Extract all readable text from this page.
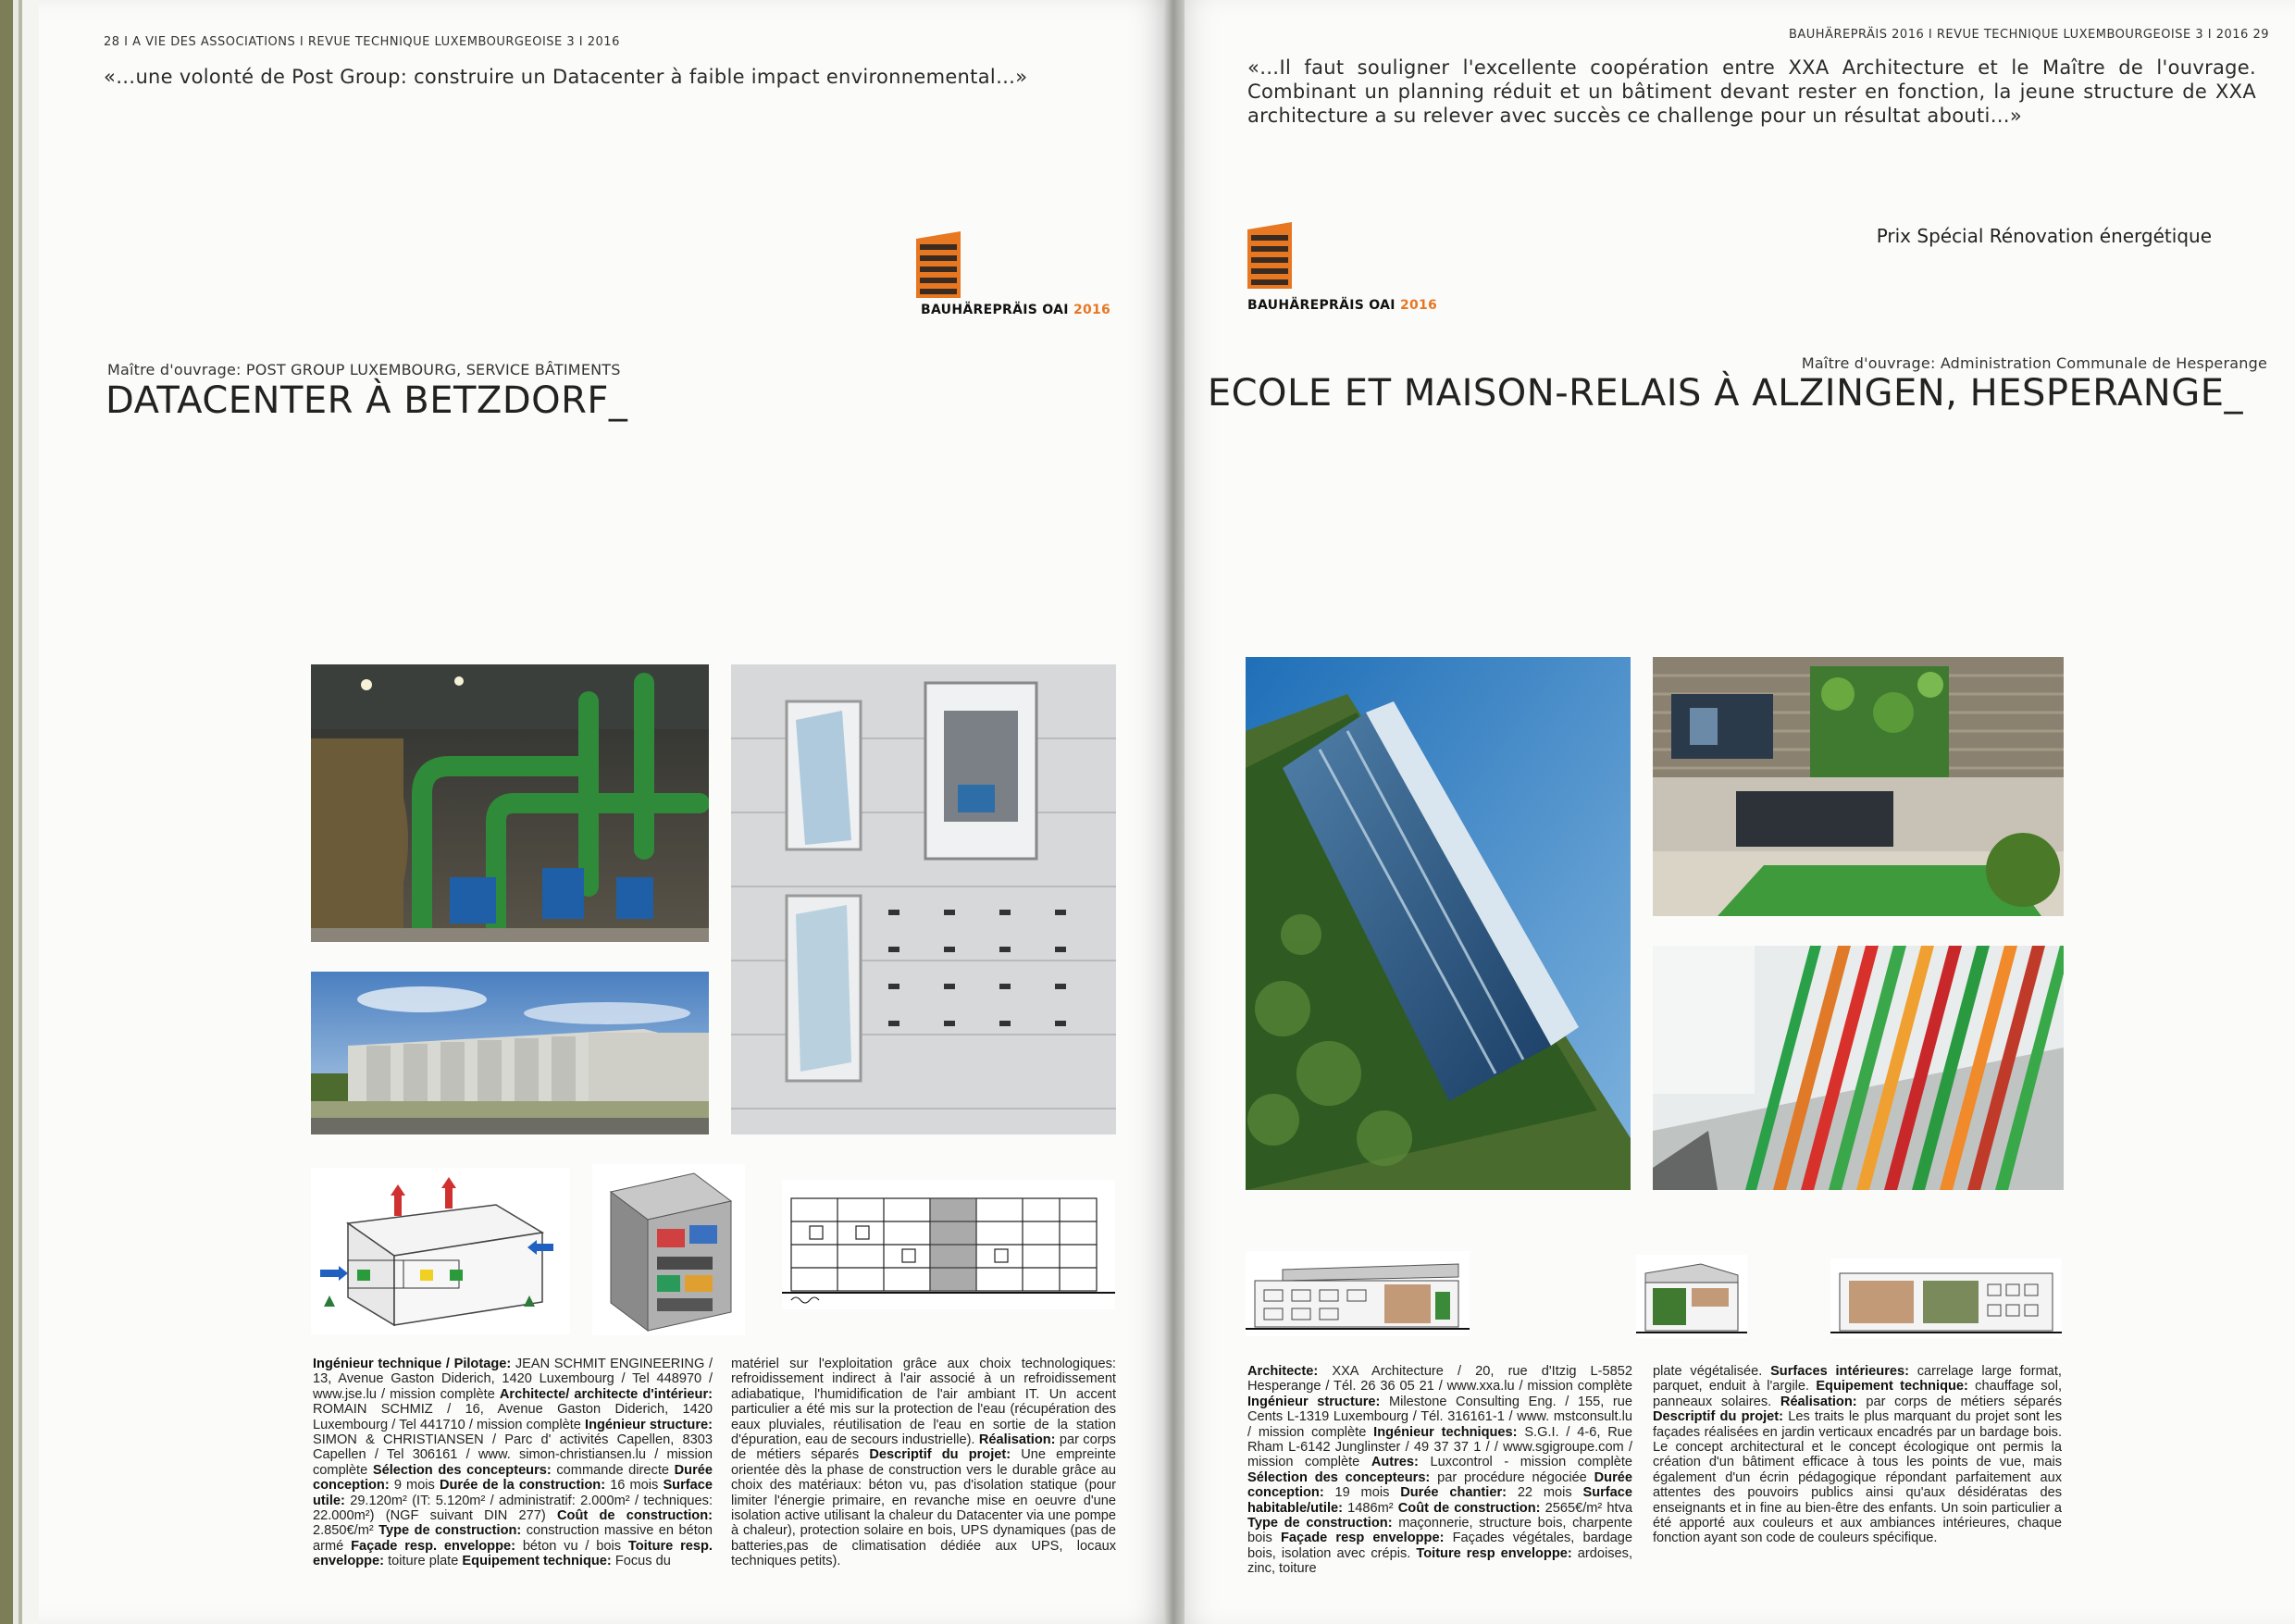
28 I A VIE DES ASSOCIATIONS I REVUE TECHNIQUE LUXEMBOURGEOISE 3 I 2016
«…une volonté de Post Group: construire un Datacenter à faible impact environnemental…»
BAUHÄREPRÄIS OAI 2016
Maître d'ouvrage: POST GROUP LUXEMBOURG, SERVICE BÂTIMENTS
DATACENTER À BETZDORF_
Ingénieur technique / Pilotage: JEAN SCHMIT ENGINEERING / 13, Avenue Gaston Diderich, 1420 Luxembourg / Tel 448970 / www.jse.lu / mission complète Architecte/ architecte d'intérieur: ROMAIN SCHMIZ / 16, Avenue Gaston Diderich, 1420 Luxembourg / Tel 441710 / mission complète Ingénieur structure: SIMON & CHRISTIANSEN / Parc d' activités Capellen, 8303 Capellen / Tel 306161 / www. simon-christiansen.lu / mission complète Sélection des concepteurs: commande directe Durée conception: 9 mois Durée de la construction: 16 mois Surface utile: 29.120m² (IT: 5.120m² / administratif: 2.000m² / techniques: 22.000m²) (NGF suivant DIN 277) Coût de construction: 2.850€/m² Type de construction: construction massive en béton armé Façade resp. enveloppe: béton vu / bois Toiture resp. enveloppe: toiture plate Equipement technique: Focus du
matériel sur l'exploitation grâce aux choix technologiques: refroidissement indirect à l'air associé à un refroidissement adiabatique, l'humidification de l'air ambiant IT. Un accent particulier a été mis sur la protection de l'eau (récupération des eaux pluviales, réutilisation de l'eau en sortie de la station d'épuration, eau de secours industrielle). Réalisation: par corps de métiers séparés Descriptif du projet: Une empreinte orientée dès la phase de construction vers le durable grâce au choix des matériaux: béton vu, pas d'isolation statique (pour limiter l'énergie primaire, en revanche mise en oeuvre d'une isolation active utilisant la chaleur du Datacenter via une pompe à chaleur), protection solaire en bois, UPS dynamiques (pas de batteries,pas de climatisation dédiée aux UPS, locaux techniques petits).
BAUHÄREPRÄIS 2016 I REVUE TECHNIQUE LUXEMBOURGEOISE 3 I 2016 29
«…Il faut souligner l'excellente coopération entre XXA Architecture et le Maître de l'ouvrage. Combinant un planning réduit et un bâtiment devant rester en fonction, la jeune structure de XXA architecture a su relever avec succès ce challenge pour un résultat abouti…»
Prix Spécial Rénovation énergétique
BAUHÄREPRÄIS OAI 2016
Maître d'ouvrage: Administration Communale de Hesperange
ECOLE ET MAISON-RELAIS À ALZINGEN, HESPERANGE_
Architecte: XXA Architecture / 20, rue d'Itzig L-5852 Hesperange / Tél. 26 36 05 21 / www.xxa.lu / mission complète Ingénieur structure: Milestone Consulting Eng. / 155, rue Cents L-1319 Luxembourg / Tél. 316161-1 / www. mstconsult.lu / mission complète Ingénieur techniques: S.G.I. / 4-6, Rue Rham L-6142 Junglinster / 49 37 37 1 / / www.sgigroupe.com / mission complète Autres: Luxcontrol - mission complète Sélection des concepteurs: par procédure négociée Durée conception: 19 mois Durée chantier: 22 mois Surface habitable/utile: 1486m² Coût de construction: 2565€/m² htva Type de construction: maçonnerie, structure bois, charpente bois Façade resp enveloppe: Façades végétales, bardage bois, isolation avec crépis. Toiture resp enveloppe: ardoises, zinc, toiture
plate végétalisée. Surfaces intérieures: carrelage large format, parquet, enduit à l'argile. Equipement technique: chauffage sol, panneaux solaires. Réalisation: par corps de métiers séparés Descriptif du projet: Les traits le plus marquant du projet sont les façades réalisées en jardin verticaux encadrés par un bardage bois. Le concept architectural et le concept écologique ont permis la création d'un bâtiment efficace à tous les points de vue, mais également d'un écrin pédagogique répondant parfaitement aux attentes des pouvoirs publics ainsi qu'aux désidératas des enseignants et in fine au bien-être des enfants. Un soin particulier a été apporté aux couleurs et aux ambiances intérieures, chaque fonction ayant son code de couleurs spécifique.
